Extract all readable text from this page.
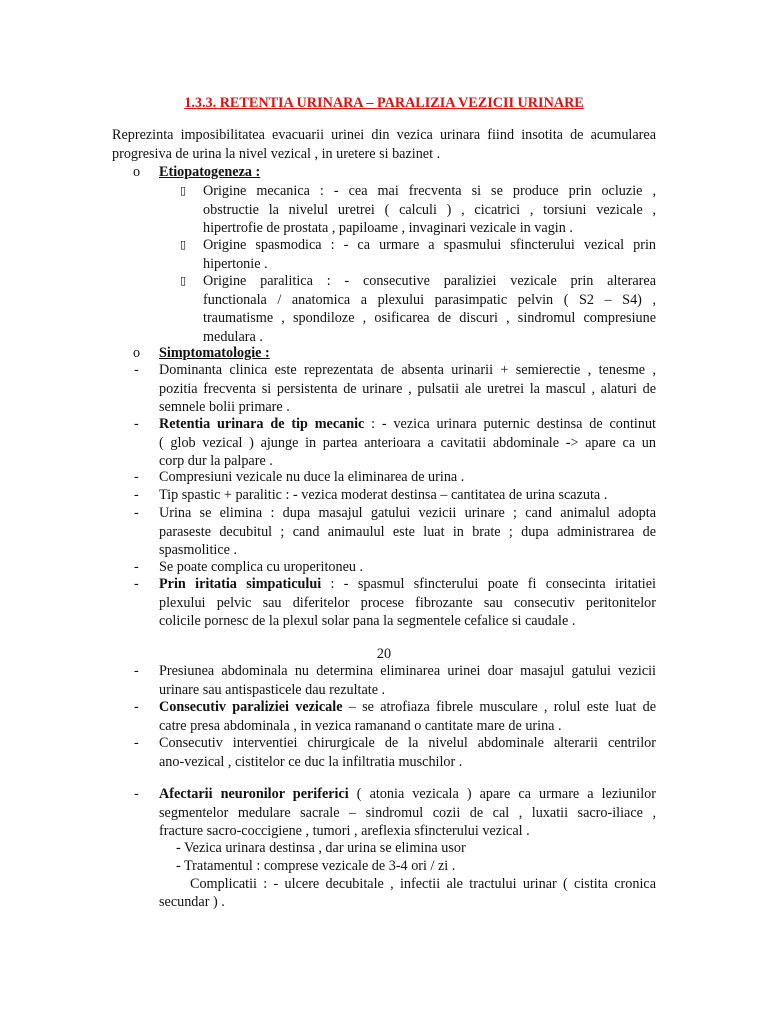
1.3.3. RETENTIA URINARA – PARALIZIA VEZICII URINARE
Reprezinta imposibilitatea evacuarii urinei din vezica urinara fiind insotita de acumularea
progresiva de urina la nivel vezical , in uretere si bazinet .
o Etiopatogeneza :
▯ Origine mecanica : - cea mai frecventa si se produce prin ocluzie ,
obstructie la nivelul uretrei ( calculi ) , cicatrici , torsiuni vezicale ,
hipertrofie de prostata , papiloame , invaginari vezicale in vagin .
▯ Origine spasmodica : - ca urmare a spasmului sfincterului vezical prin
hipertonie .
▯ Origine paralitica : - consecutive paraliziei vezicale prin alterarea
functionala / anatomica a plexului parasimpatic pelvin ( S2 – S4) ,
traumatisme , spondiloze , osificarea de discuri , sindromul compresiune
medulara .
o Simptomatologie :
- Dominanta clinica este reprezentata de absenta urinarii + semierectie , tenesme ,
pozitia frecventa si persistenta de urinare , pulsatii ale uretrei la mascul , alaturi de
semnele bolii primare .
- Retentia urinara de tip mecanic : - vezica urinara puternic destinsa de continut
( glob vezical ) ajunge in partea anterioara a cavitatii abdominale -> apare ca un
corp dur la palpare .
- Compresiuni vezicale nu duce la eliminarea de urina .
- Tip spastic + paralitic : - vezica moderat destinsa – cantitatea de urina scazuta .
- Urina se elimina : dupa masajul gatului vezicii urinare ; cand animalul adopta
paraseste decubitul ; cand animaulul este luat in brate ; dupa administrarea de
spasmolitice .
- Se poate complica cu uroperitoneu .
- Prin iritatia simpaticului : - spasmul sfincterului poate fi consecinta iritatiei
plexului pelvic sau diferitelor procese fibrozante sau consecutiv peritonitelor
colicile pornesc de la plexul solar pana la segmentele cefalice si caudale .
20
- Presiunea abdominala nu determina eliminarea urinei doar masajul gatului vezicii
urinare sau antispasticele dau rezultate .
- Consecutiv paraliziei vezicale – se atrofiaza fibrele musculare , rolul este luat de
catre presa abdominala , in vezica ramanand o cantitate mare de urina .
- Consecutiv interventiei chirurgicale de la nivelul abdominale alterarii centrilor
ano-vezical , cistitelor ce duc la infiltratia muschilor .
- Afectarii neuronilor periferici ( atonia vezicala ) apare ca urmare a leziunilor
segmentelor medulare sacrale – sindromul cozii de cal , luxatii sacro-iliace ,
fracture sacro-coccigiene , tumori , areflexia sfincterului vezical .
- Vezica urinara destinsa , dar urina se elimina usor
- Tratamentul : comprese vezicale de 3-4 ori / zi .
Complicatii : - ulcere decubitale , infectii ale tractului urinar ( cistita cronica
secundar ) .
